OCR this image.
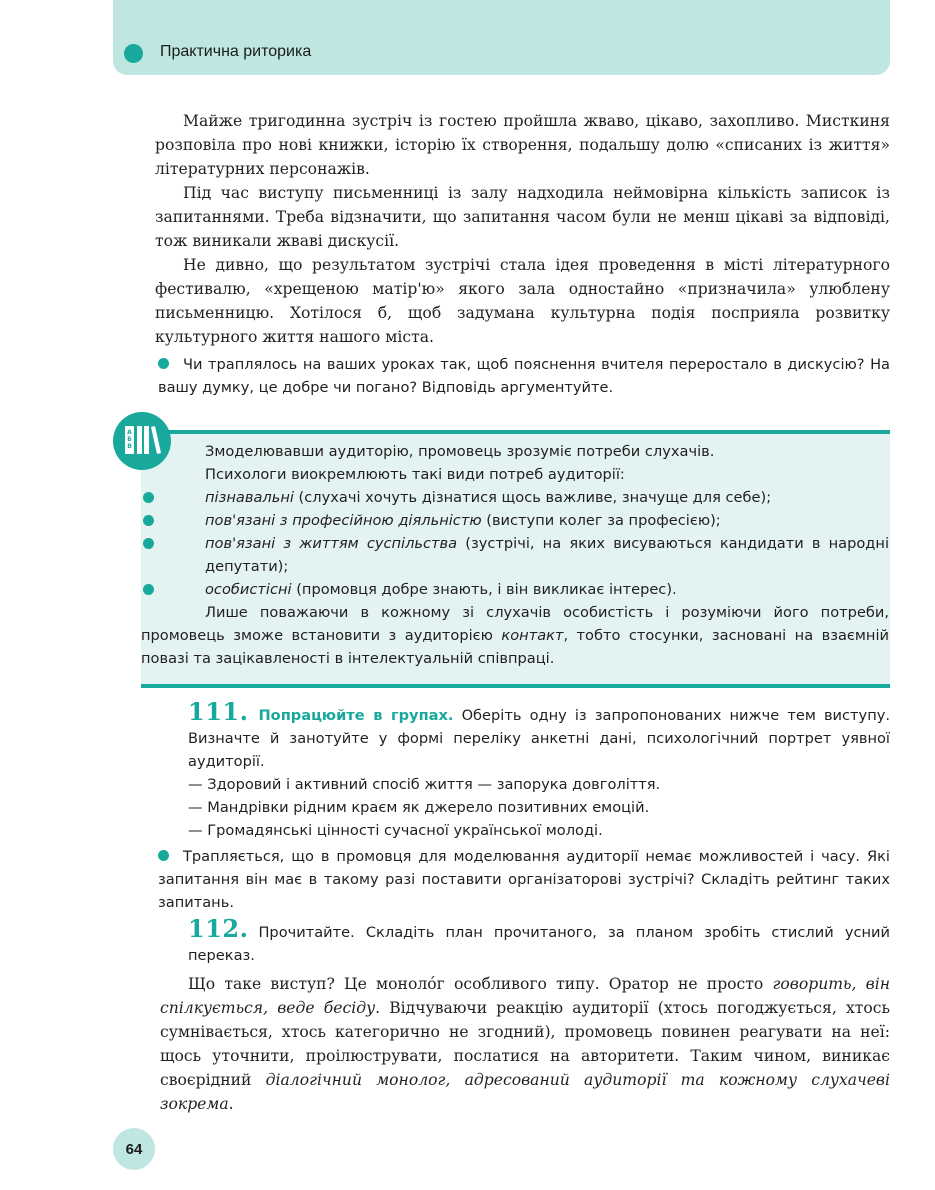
Практична риторика

Майже тригодинна зустріч із гостею пройшла жваво, цікаво, захопливо. Мисткиня розповіла про нові книжки, історію їх створення, подальшу долю «списаних із життя» літературних персонажів.

Під час виступу письменниці із залу надходила неймовірна кількість записок із запитаннями. Треба відзначити, що запитання часом були не менш цікаві за відповіді, тож виникали жваві дискусії.

Не дивно, що результатом зустрічі стала ідея проведення в місті літературного фестивалю, «хрещеною матір'ю» якого зала одностайно «призначила» улюблену письменницю. Хотілося б, щоб задумана культурна подія посприяла розвитку культурного життя нашого міста.

Чи траплялось на ваших уроках так, щоб пояснення вчителя переростало в дискусію? На вашу думку, це добре чи погано? Відповідь аргументуйте.

А
Б
В	Змоделювавши аудиторію, промовець зрозуміє потреби слухачів.

Психологи виокремлюють такі види потреб аудиторії:

пізнавальні (слухачі хочуть дізнатися щось важливе, значуще для себе);

пов'язані з професійною діяльністю (виступи колег за професією);

пов'язані з життям суспільства (зустрічі, на яких висуваються кандидати в народні депутати);

особистісні (промовця добре знають, і він викликає інтерес).

Лише поважаючи в кожному зі слухачів особистість і розуміючи його потреби, промовець зможе встановити з аудиторією контакт, тобто стосунки, засновані на взаємній повазі та зацікавленості в інтелектуальній співпраці.

111. Попрацюйте в групах. Оберіть одну із запропонованих нижче тем виступу. Визначте й занотуйте у формі переліку анкетні дані, психологічний портрет уявної аудиторії.

— Здоровий і активний спосіб життя — запорука довголіття.

— Мандрівки рідним краєм як джерело позитивних емоцій.

— Громадянські цінності сучасної української молоді.

Трапляється, що в промовця для моделювання аудиторії немає можливостей і часу. Які запитання він має в такому разі поставити організаторові зустрічі? Складіть рейтинг таких запитань.

112. Прочитайте. Складіть план прочитаного, за планом зробіть стислий усний переказ.

Що таке виступ? Це моноло́г особливого типу. Оратор не просто говорить, він спілкується, веде бесіду. Відчуваючи реакцію аудиторії (хтось погоджується, хтось сумнівається, хтось категорично не згодний), промовець повинен реагувати на неї: щось уточнити, проілюструвати, послатися на авторитети. Таким чином, виникає своєрідний діалогічний монолог, адресований аудиторії та кожному слухачеві зокрема.

64
